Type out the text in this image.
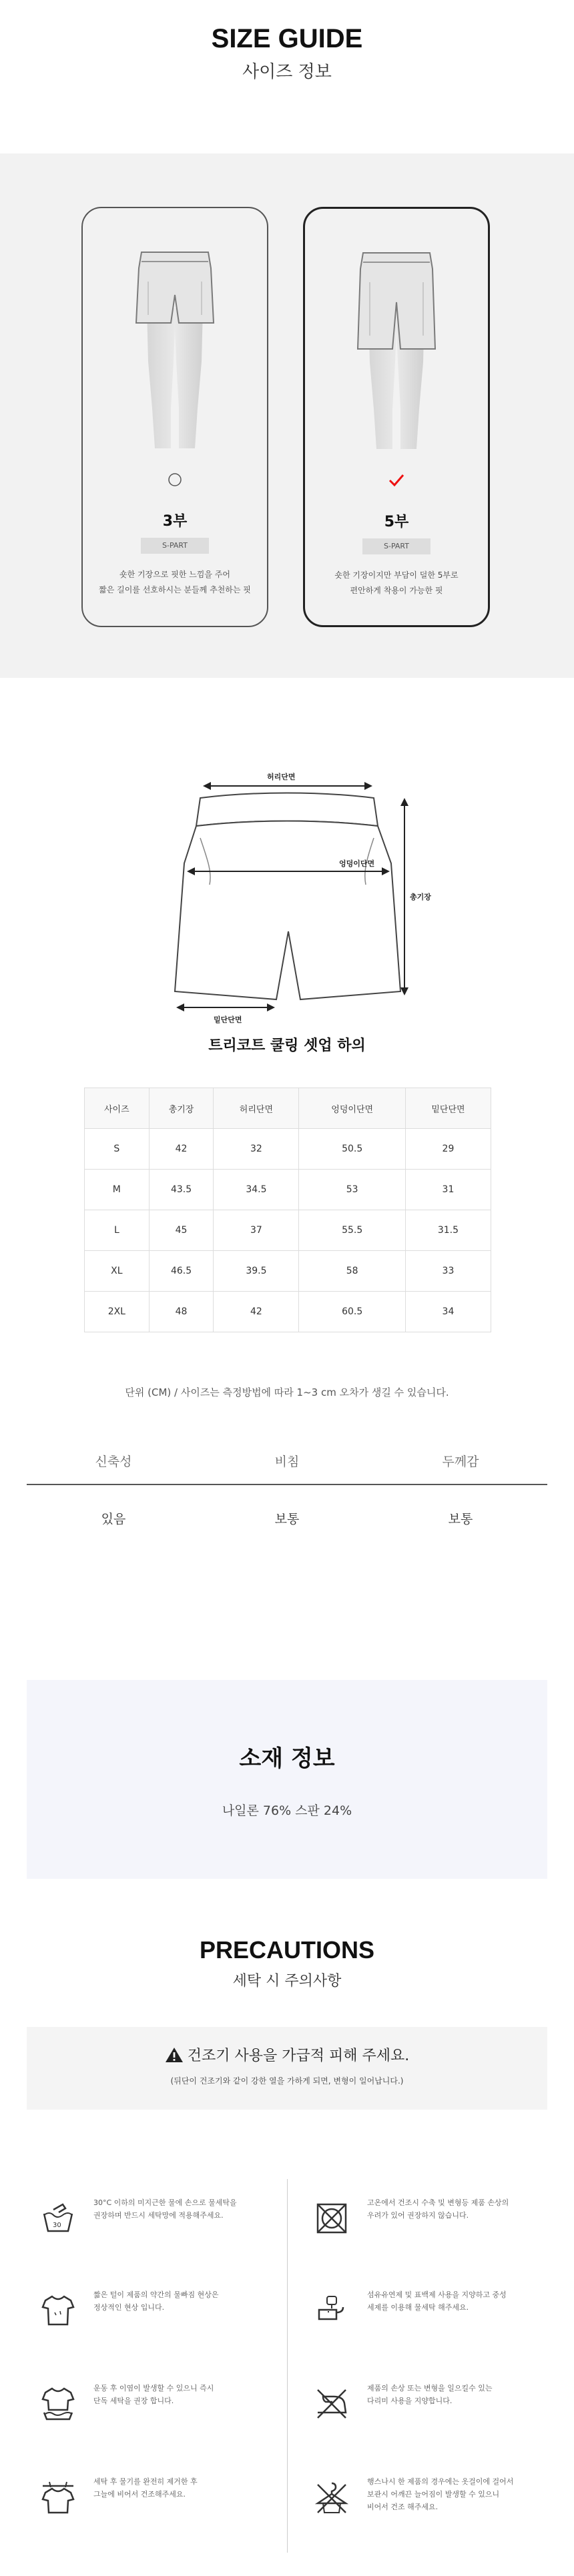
SIZE GUIDE
사이즈 정보
3부
S-PART
숏한 기장으로 핏한 느낌을 주어
짧은 길이를 선호하시는 분들께 추천하는 핏
5부
S-PART
숏한 기장이지만 부담이 덜한 5부로
편안하게 착용이 가능한 핏
허리단면
엉덩이단면
총기장
밑단단면
트리코트 쿨링 셋업 하의
사이즈	총기장	허리단면	엉덩이단면	밑단단면
S	42	32	50.5	29
M	43.5	34.5	53	31
L	45	37	55.5	31.5
XL	46.5	39.5	58	33
2XL	48	42	60.5	34
단위 (CM) / 사이즈는 측정방법에 따라 1~3 cm 오차가 생길 수 있습니다.
신축성	비침	두께감
있음	보통	보통
소재 정보

나일론 76% 스판 24%

PRECAUTIONS
세탁 시 주의사항
건조기 사용을 가급적 피해 주세요.
(뒤단이 건조기와 같이 강한 열을 가하게 되면, 변형이 일어납니다.)
30

30°C 이하의 미지근한 물에 손으로 물세탁을
권장하며 반드시 세탁망에 적용해주세요.

고온에서 건조시 수축 및 변형등 제품 손상의
우려가 있어 권장하지 않습니다.

짧은 털이 제품의 약간의 물빠짐 현상은
정상적인 현상 입니다.

섬유유연제 및 표백제 사용을 지양하고 중성
세제를 이용해 물세탁 해주세요.

운동 후 이염이 발생할 수 있으니 즉시
단독 세탁을 권장 합니다.

제품의 손상 또는 변형을 일으킬수 있는
다리미 사용을 지양합니다.

세탁 후 물기를 완전히 제거한 후
그늘에 비어서 건조해주세요.

행스나시 한 제품의 경우에는 옷걸이에 걸어서
보관시 어깨끈 늘어짐이 발생할 수 있으니
비어서 건조 해주세요.
